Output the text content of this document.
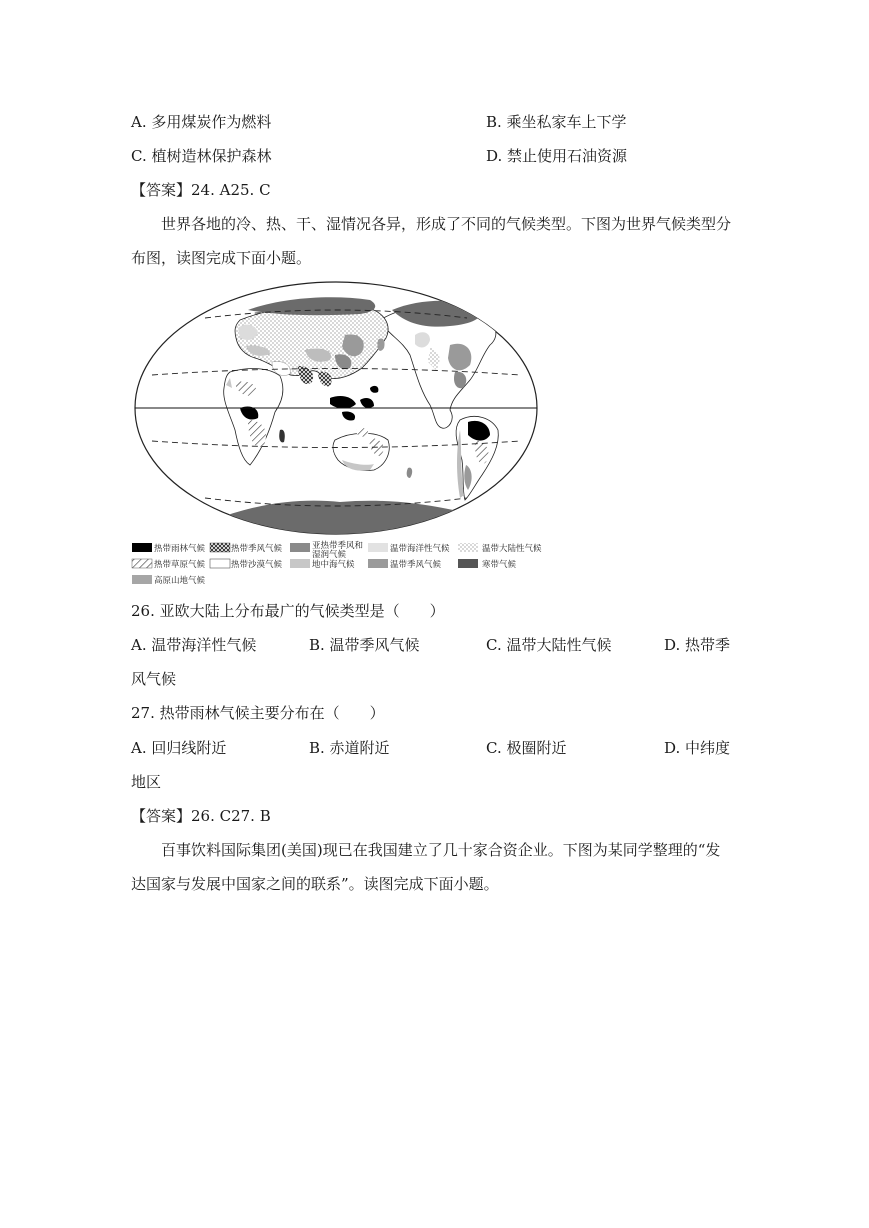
A. 多用煤炭作为燃料	B. 乘坐私家车上下学
C. 植树造林保护森林	D. 禁止使用石油资源
【答案】24. A25. C
世界各地的冷、热、干、湿情况各异，形成了不同的气候类型。下图为世界气候类型分
布图，读图完成下面小题。
热带雨林气候	热带季风气候	亚热带季风和
湿润气候
温带海洋性气候	温带大陆性气候
热带草原气候	热带沙漠气候	地中海气候	温带季风气候	寒带气候
高原山地气候
26. 亚欧大陆上分布最广的气候类型是（　　）
A. 温带海洋性气候	B. 温带季风气候	C. 温带大陆性气候	D. 热带季
风气候
27. 热带雨林气候主要分布在（　　）
A. 回归线附近	B. 赤道附近	C. 极圈附近	D. 中纬度
地区
【答案】26. C27. B
百事饮料国际集团(美国)现已在我国建立了几十家合资企业。下图为某同学整理的“发
达国家与发展中国家之间的联系”。读图完成下面小题。
